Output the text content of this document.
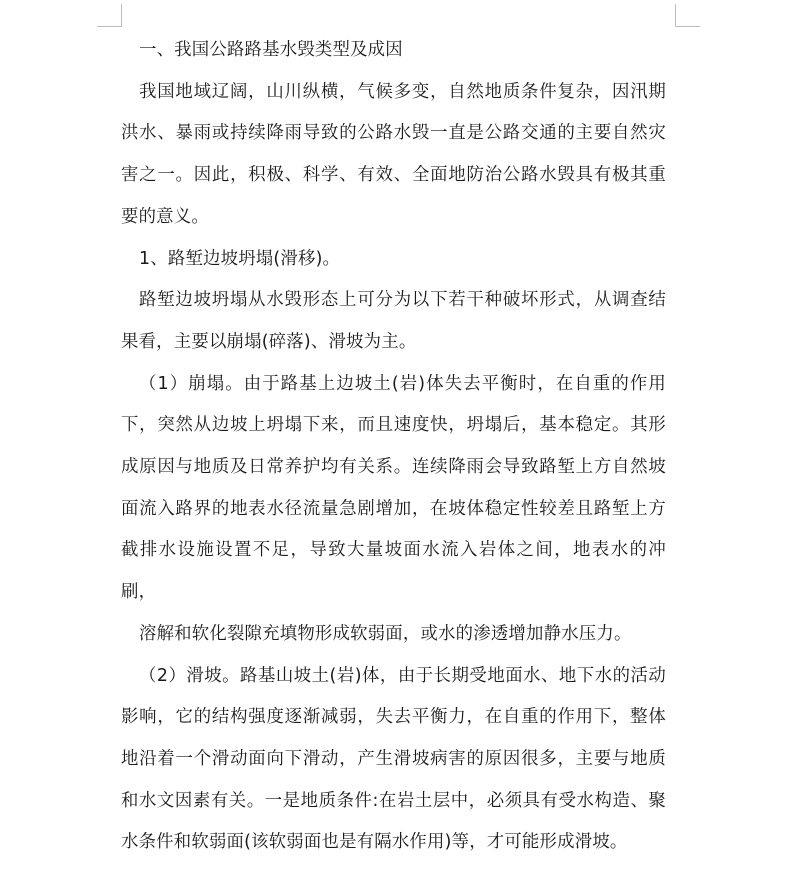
一、我国公路路基水毁类型及成因

我国地域辽阔，山川纵横，气候多变，自然地质条件复杂，因汛期洪水、暴雨或持续降雨导致的公路水毁一直是公路交通的主要自然灾害之一。因此，积极、科学、有效、全面地防治公路水毁具有极其重要的意义。

1、路堑边坡坍塌(滑移)。

路堑边坡坍塌从水毁形态上可分为以下若干种破坏形式，从调查结果看，主要以崩塌(碎落)、滑坡为主。

（1）崩塌。由于路基上边坡土(岩)体失去平衡时，在自重的作用下，突然从边坡上坍塌下来，而且速度快，坍塌后，基本稳定。其形成原因与地质及日常养护均有关系。连续降雨会导致路堑上方自然坡面流入路界的地表水径流量急剧增加，在坡体稳定性较差且路堑上方截排水设施设置不足，导致大量坡面水流入岩体之间，地表水的冲刷，

溶解和软化裂隙充填物形成软弱面，或水的渗透增加静水压力。

（2）滑坡。路基山坡土(岩)体，由于长期受地面水、地下水的活动影响，它的结构强度逐渐减弱，失去平衡力，在自重的作用下，整体地沿着一个滑动面向下滑动，产生滑坡病害的原因很多，主要与地质和水文因素有关。一是地质条件:在岩土层中，必须具有受水构造、聚水条件和软弱面(该软弱面也是有隔水作用)等，才可能形成滑坡。
